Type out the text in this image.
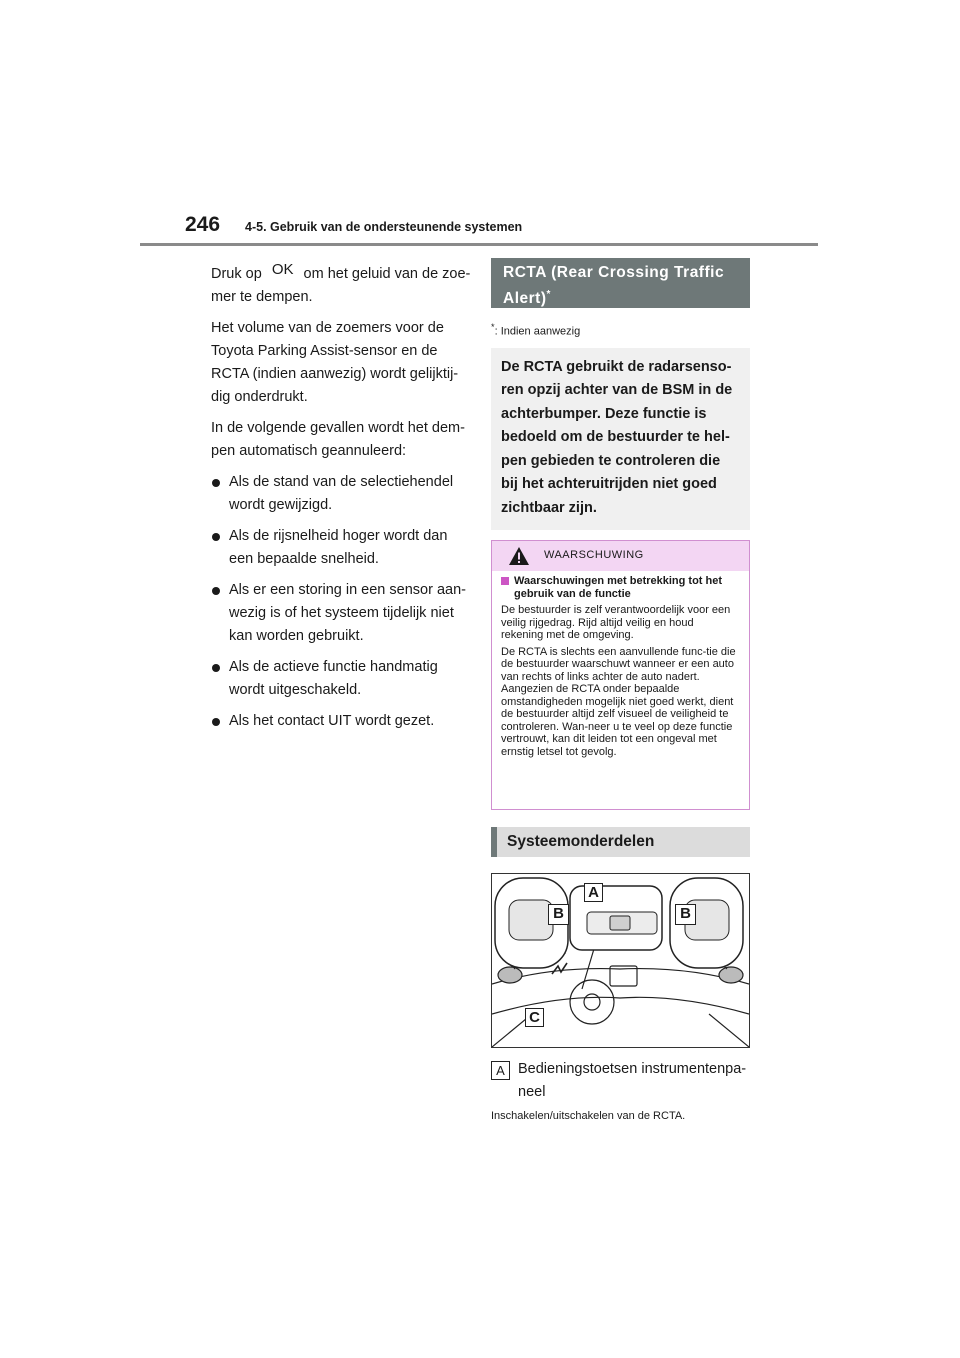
246 4-5. Gebruik van de ondersteunende systemen

Druk op OK om het geluid van de zoe-mer te dempen.

Het volume van de zoemers voor de Toyota Parking Assist-sensor en de RCTA (indien aanwezig) wordt gelijktij-dig onderdrukt.

In de volgende gevallen wordt het dem-pen automatisch geannuleerd:

Als de stand van de selectiehendel wordt gewijzigd.
Als de rijsnelheid hoger wordt dan een bepaalde snelheid.
Als er een storing in een sensor aan-wezig is of het systeem tijdelijk niet kan worden gebruikt.
Als de actieve functie handmatig wordt uitgeschakeld.
Als het contact UIT wordt gezet.
RCTA (Rear Crossing Traffic Alert)*
*: Indien aanwezig
De RCTA gebruikt de radarsenso-ren opzij achter van de BSM in de achterbumper. Deze functie is bedoeld om de bestuurder te hel-pen gebieden te controleren die bij het achteruitrijden niet goed zichtbaar zijn.
WAARSCHUWING
Waarschuwingen met betrekking tot het gebruik van de functie

De bestuurder is zelf verantwoordelijk voor een veilig rijgedrag. Rijd altijd veilig en houd rekening met de omgeving.

De RCTA is slechts een aanvullende func-tie die de bestuurder waarschuwt wanneer er een auto van rechts of links achter de auto nadert. Aangezien de RCTA onder bepaalde omstandigheden mogelijk niet goed werkt, dient de bestuurder altijd zelf visueel de veiligheid te controleren. Wan-neer u te veel op deze functie vertrouwt, kan dit leiden tot een ongeval met ernstig letsel tot gevolg.

Systeemonderdelen
B
A
B
C
A Bedieningstoetsen instrumentenpa-neel
Inschakelen/uitschakelen van de RCTA.
